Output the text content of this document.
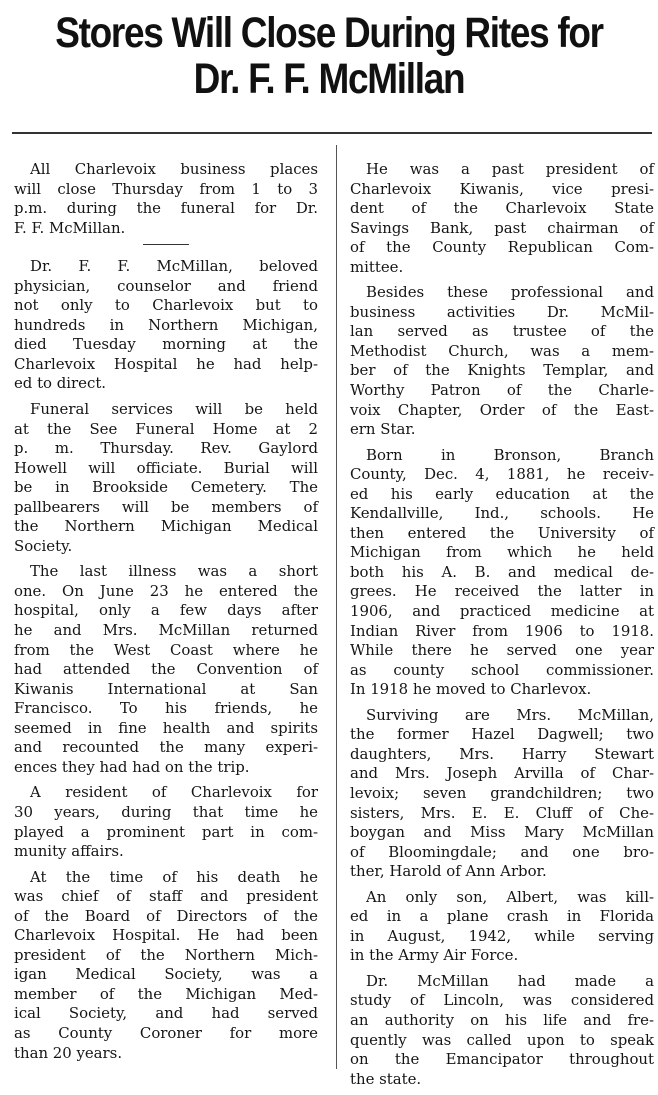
Stores Will Close During Rites for
Dr. F. F. McMillan

All Charlevoix business places
will close Thursday from 1 to 3
p.m. during the funeral for Dr.
F. F. McMillan.

Dr. F. F. McMillan, beloved
physician, counselor and friend
not only to Charlevoix but to
hundreds in Northern Michigan,
died Tuesday morning at the
Charlevoix Hospital he had help-
ed to direct.

Funeral services will be held
at the See Funeral Home at 2
p. m. Thursday. Rev. Gaylord
Howell will officiate. Burial will
be in Brookside Cemetery. The
pallbearers will be members of
the Northern Michigan Medical
Society.

The last illness was a short
one. On June 23 he entered the
hospital, only a few days after
he and Mrs. McMillan returned
from the West Coast where he
had attended the Convention of
Kiwanis International at San
Francisco. To his friends, he
seemed in fine health and spirits
and recounted the many experi-
ences they had had on the trip.

A resident of Charlevoix for
30 years, during that time he
played a prominent part in com-
munity affairs.

At the time of his death he
was chief of staff and president
of the Board of Directors of the
Charlevoix Hospital. He had been
president of the Northern Mich-
igan Medical Society, was a
member of the Michigan Med-
ical Society, and had served
as County Coroner for more
than 20 years.

He was a past president of
Charlevoix Kiwanis, vice presi-
dent of the Charlevoix State
Savings Bank, past chairman of
of the County Republican Com-
mittee.

Besides these professional and
business activities Dr. McMil-
lan served as trustee of the
Methodist Church, was a mem-
ber of the Knights Templar, and
Worthy Patron of the Charle-
voix Chapter, Order of the East-
ern Star.

Born in Bronson, Branch
County, Dec. 4, 1881, he receiv-
ed his early education at the
Kendallville, Ind., schools. He
then entered the University of
Michigan from which he held
both his A. B. and medical de-
grees. He received the latter in
1906, and practiced medicine at
Indian River from 1906 to 1918.
While there he served one year
as county school commissioner.
In 1918 he moved to Charlevox.

Surviving are Mrs. McMillan,
the former Hazel Dagwell; two
daughters, Mrs. Harry Stewart
and Mrs. Joseph Arvilla of Char-
levoix; seven grandchildren; two
sisters, Mrs. E. E. Cluff of Che-
boygan and Miss Mary McMillan
of Bloomingdale; and one bro-
ther, Harold of Ann Arbor.

An only son, Albert, was kill-
ed in a plane crash in Florida
in August, 1942, while serving
in the Army Air Force.

Dr. McMillan had made a
study of Lincoln, was considered
an authority on his life and fre-
quently was called upon to speak
on the Emancipator throughout
the state.
